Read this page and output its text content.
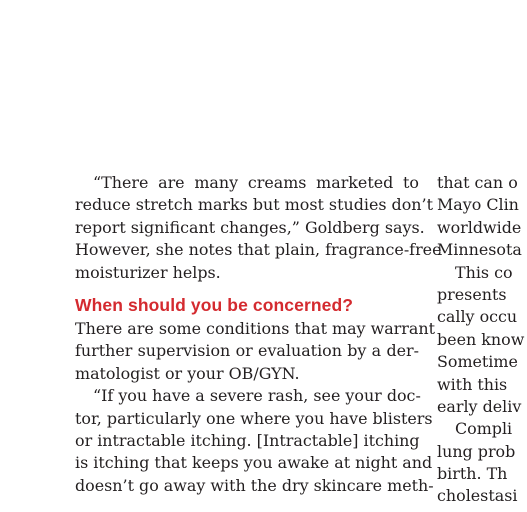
“There are many creams marketed to
reduce stretch marks but most studies don’t
report significant changes,” Goldberg says.
However, she notes that plain, fragrance-free
moisturizer helps.
When should you be concerned?
There are some conditions that may warrant
further supervision or evaluation by a der-
matologist or your OB/GYN.
“If you have a severe rash, see your doc-
tor, particularly one where you have blisters
or intractable itching. [Intractable] itching
is itching that keeps you awake at night and
doesn’t go away with the dry skincare meth-
that can o
Mayo Clin
worldwide
Minnesota
This co
presents
cally occu
been know
Sometime
with this
early deliv
Compli
lung prob
birth. Th
cholestasi
